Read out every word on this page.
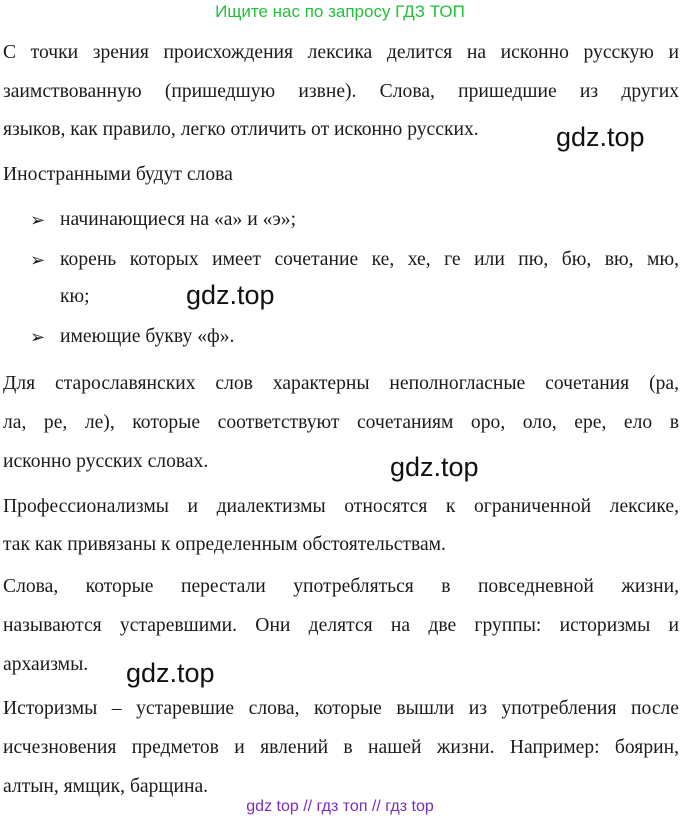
Ищите нас по запросу ГДЗ ТОП
С точки зрения происхождения лексика делится на исконно русскую и
заимствованную (пришедшую извне). Слова, пришедшие из других
языков, как правило, легко отличить от исконно русских.
Иностранными будут слова
➢ начинающиеся на «а» и «э»;
➢ корень которых имеет сочетание ке, хе, ге или пю, бю, вю, мю,
кю;
➢ имеющие букву «ф».
Для старославянских слов характерны неполногласные сочетания (ра,
ла, ре, ле), которые соответствуют сочетаниям оро, оло, ере, ело в
исконно русских словах.
Профессионализмы и диалектизмы относятся к ограниченной лексике,
так как привязаны к определенным обстоятельствам.
Слова, которые перестали употребляться в повседневной жизни,
называются устаревшими. Они делятся на две группы: историзмы и
архаизмы.
Историзмы – устаревшие слова, которые вышли из употребления после
исчезновения предметов и явлений в нашей жизни. Например: боярин,
алтын, ямщик, барщина.
gdz.top
gdz.top
gdz.top
gdz.top
gdz top // гдз топ // гдз top
